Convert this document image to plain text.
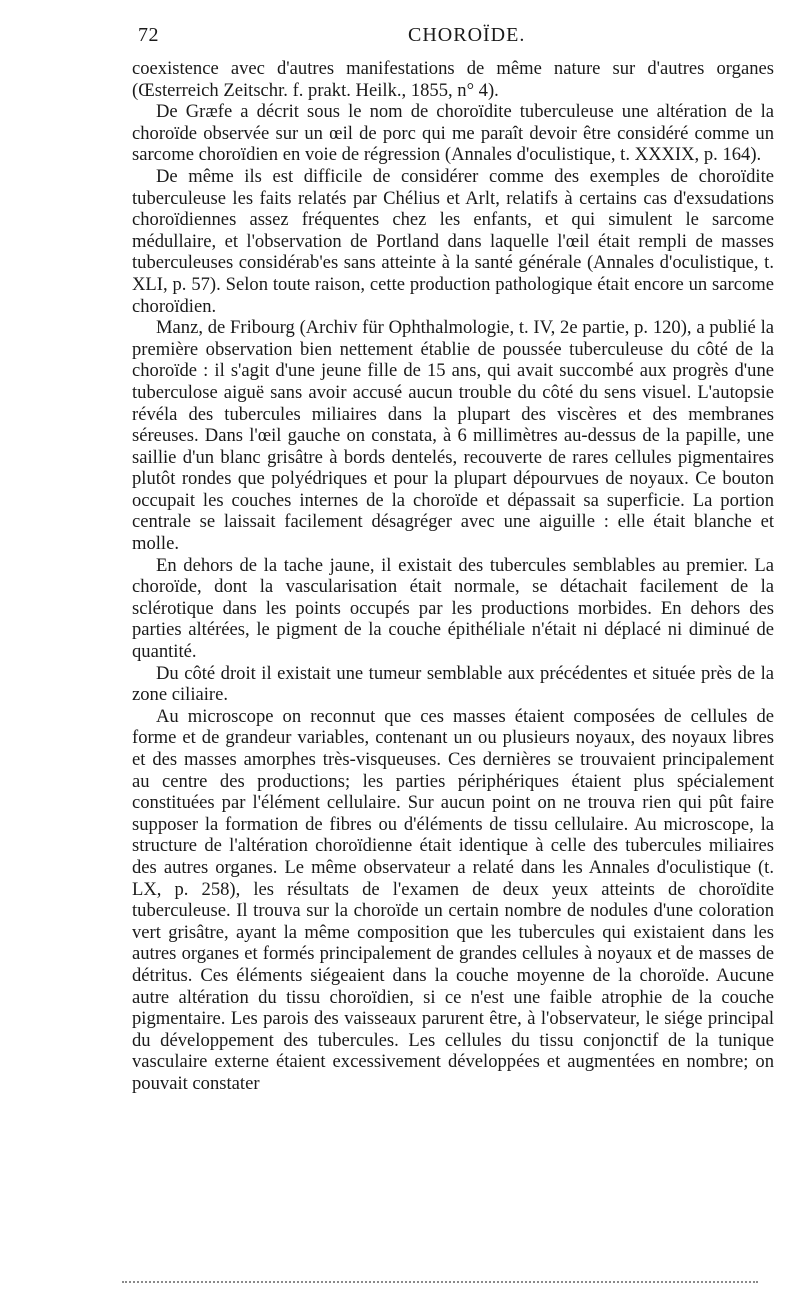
72	CHOROÏDE.

coexistence avec d'autres manifestations de même nature sur d'autres organes (Œsterreich Zeitschr. f. prakt. Heilk., 1855, n° 4).

De Græfe a décrit sous le nom de choroïdite tuberculeuse une altération de la choroïde observée sur un œil de porc qui me paraît devoir être considéré comme un sarcome choroïdien en voie de régression (Annales d'oculistique, t. XXXIX, p. 164).

De même ils est difficile de considérer comme des exemples de choroïdite tuberculeuse les faits relatés par Chélius et Arlt, relatifs à certains cas d'exsudations choroïdiennes assez fréquentes chez les enfants, et qui simulent le sarcome médullaire, et l'observation de Portland dans laquelle l'œil était rempli de masses tuberculeuses considérab'es sans atteinte à la santé générale (Annales d'oculistique, t. XLI, p. 57). Selon toute raison, cette production pathologique était encore un sarcome choroïdien.

Manz, de Fribourg (Archiv für Ophthalmologie, t. IV, 2e partie, p. 120), a publié la première observation bien nettement établie de poussée tuberculeuse du côté de la choroïde : il s'agit d'une jeune fille de 15 ans, qui avait succombé aux progrès d'une tuberculose aiguë sans avoir accusé aucun trouble du côté du sens visuel. L'autopsie révéla des tubercules miliaires dans la plupart des viscères et des membranes séreuses. Dans l'œil gauche on constata, à 6 millimètres au-dessus de la papille, une saillie d'un blanc grisâtre à bords dentelés, recouverte de rares cellules pigmentaires plutôt rondes que polyédriques et pour la plupart dépourvues de noyaux. Ce bouton occupait les couches internes de la choroïde et dépassait sa superficie. La portion centrale se laissait facilement désagréger avec une aiguille : elle était blanche et molle.

En dehors de la tache jaune, il existait des tubercules semblables au premier. La choroïde, dont la vascularisation était normale, se détachait facilement de la sclérotique dans les points occupés par les productions morbides. En dehors des parties altérées, le pigment de la couche épithéliale n'était ni déplacé ni diminué de quantité.

Du côté droit il existait une tumeur semblable aux précédentes et située près de la zone ciliaire.

Au microscope on reconnut que ces masses étaient composées de cellules de forme et de grandeur variables, contenant un ou plusieurs noyaux, des noyaux libres et des masses amorphes très-visqueuses. Ces dernières se trouvaient principalement au centre des productions; les parties périphériques étaient plus spécialement constituées par l'élément cellulaire. Sur aucun point on ne trouva rien qui pût faire supposer la formation de fibres ou d'éléments de tissu cellulaire. Au microscope, la structure de l'altération choroïdienne était identique à celle des tubercules miliaires des autres organes. Le même observateur a relaté dans les Annales d'oculistique (t. LX, p. 258), les résultats de l'examen de deux yeux atteints de choroïdite tuberculeuse. Il trouva sur la choroïde un certain nombre de nodules d'une coloration vert grisâtre, ayant la même composition que les tubercules qui existaient dans les autres organes et formés principalement de grandes cellules à noyaux et de masses de détritus. Ces éléments siégeaient dans la couche moyenne de la choroïde. Aucune autre altération du tissu choroïdien, si ce n'est une faible atrophie de la couche pigmentaire. Les parois des vaisseaux parurent être, à l'observateur, le siége principal du développement des tubercules. Les cellules du tissu conjonctif de la tunique vasculaire externe étaient excessivement développées et augmentées en nombre; on pouvait constater
